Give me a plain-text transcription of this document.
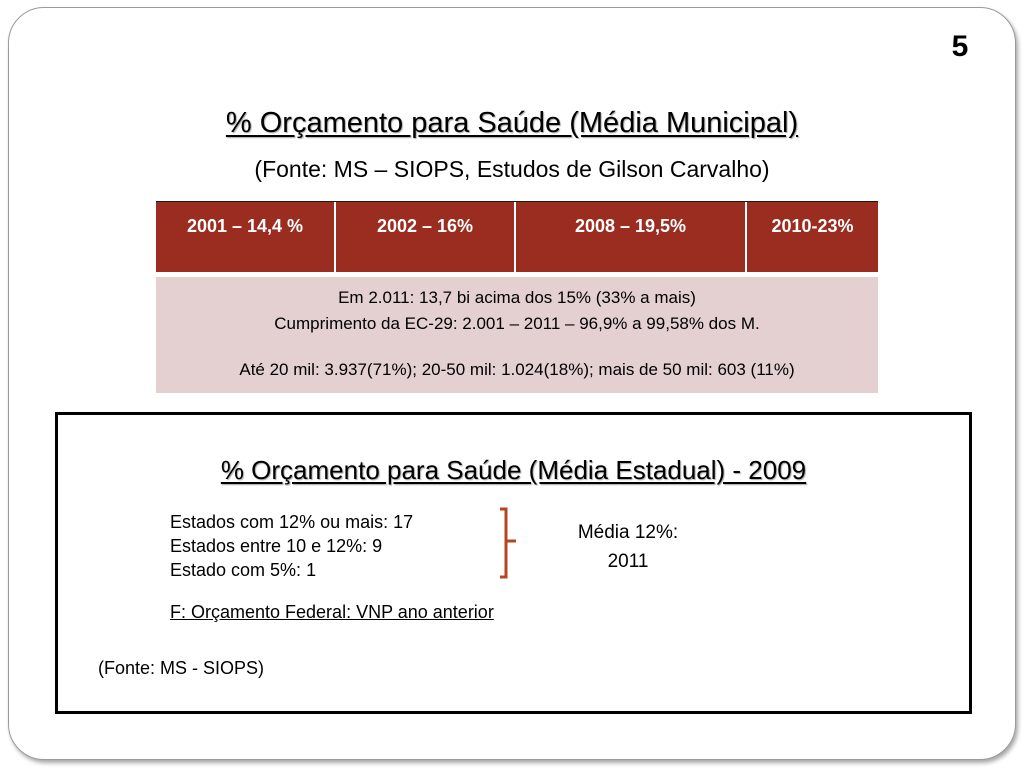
5
% Orçamento para Saúde (Média Municipal)
(Fonte: MS – SIOPS, Estudos de Gilson Carvalho)
2001 – 14,4 %	2002 – 16%	2008 – 19,5%	2010-23%
Em 2.011: 13,7 bi acima dos 15% (33% a mais)
Cumprimento da EC-29: 2.001 – 2011 – 96,9% a 99,58% dos M.
Até 20 mil: 3.937(71%); 20-50 mil: 1.024(18%); mais de 50 mil: 603 (11%)
% Orçamento para Saúde (Média Estadual) - 2009
Estados com 12% ou mais: 17
Estados entre 10 e 12%: 9
Estado com 5%: 1
Média 12%:
2011
F: Orçamento Federal: VNP ano anterior
(Fonte: MS - SIOPS)
